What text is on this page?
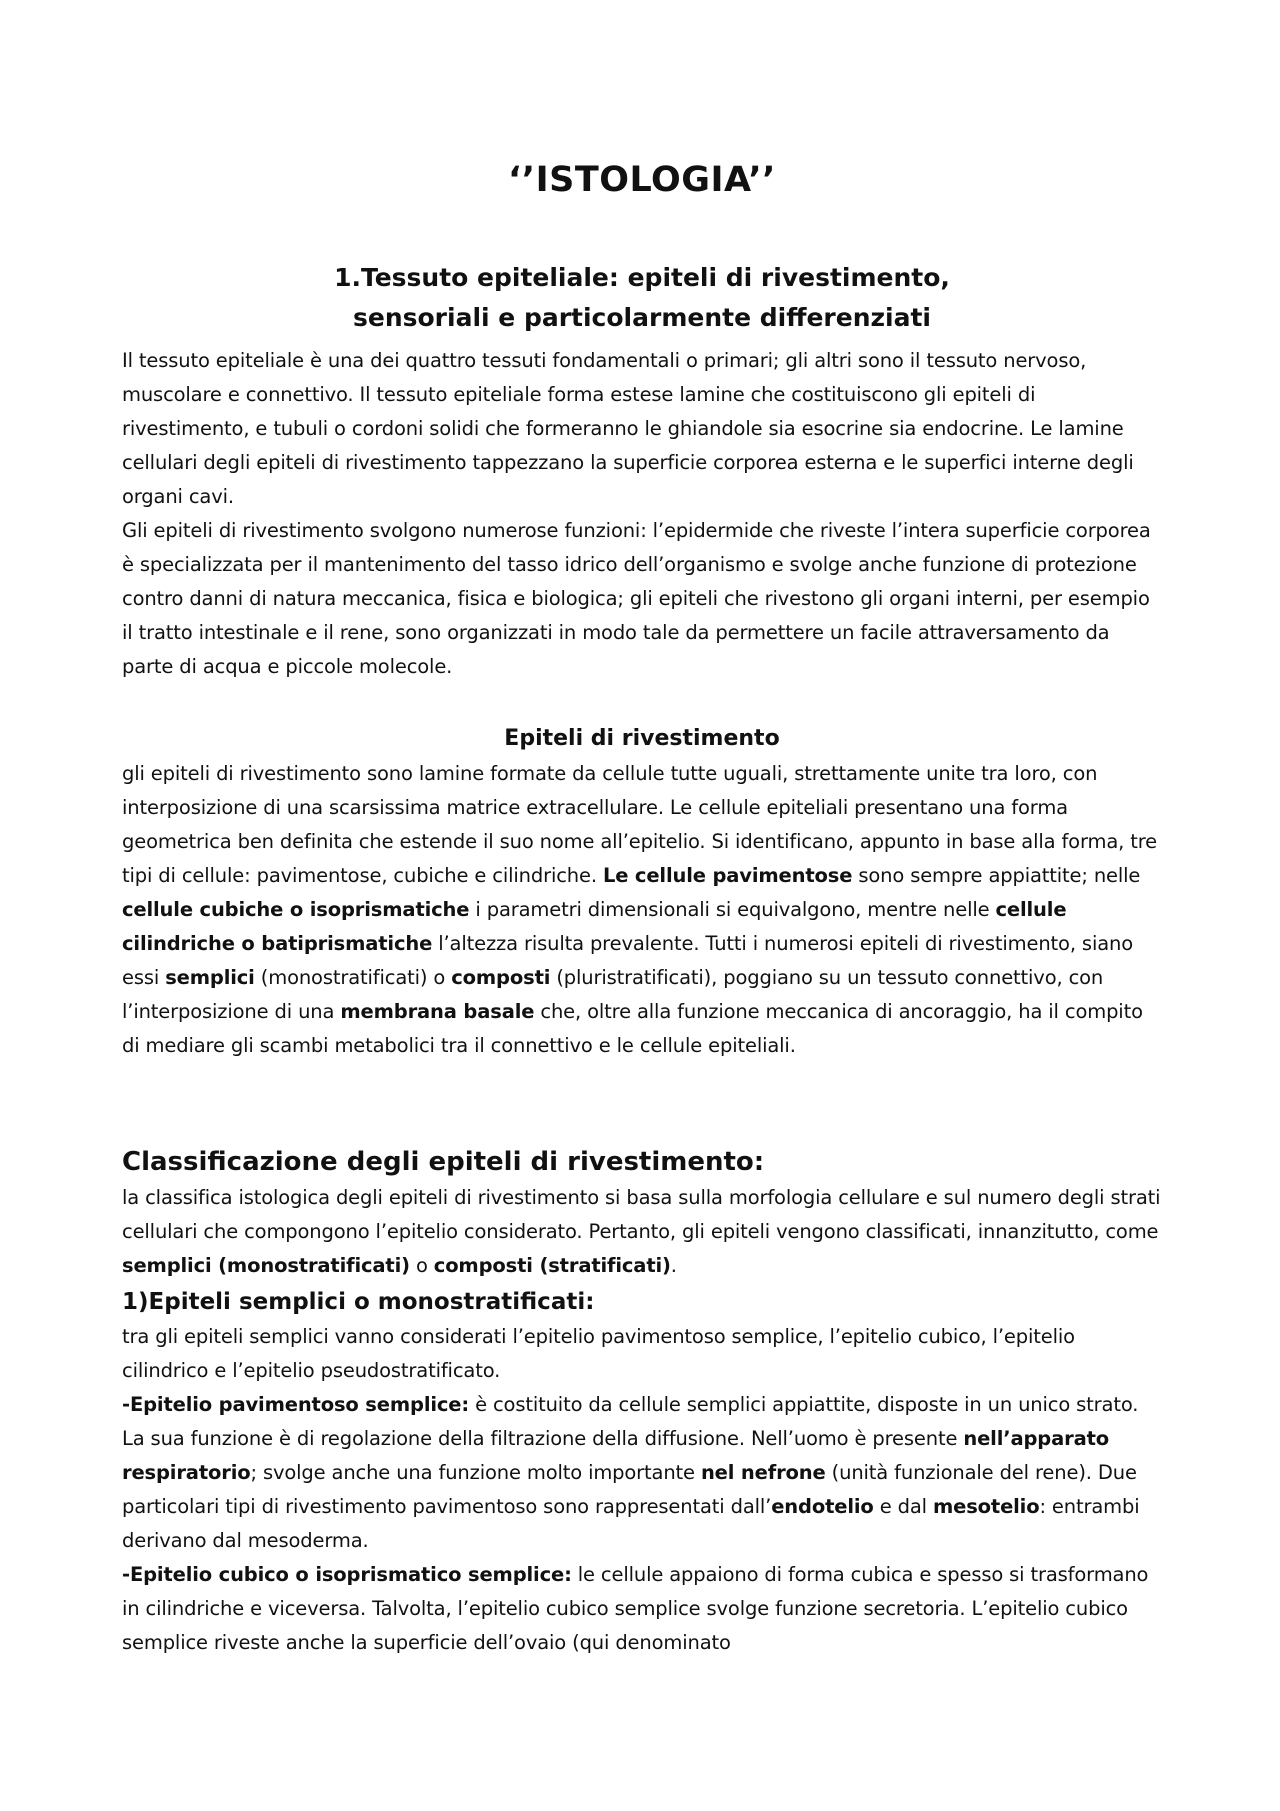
‘’ISTOLOGIA’’
1.Tessuto epiteliale: epiteli di rivestimento,
sensoriali e particolarmente differenziati

Il tessuto epiteliale è una dei quattro tessuti fondamentali o primari; gli altri sono il tessuto nervoso, muscolare e connettivo. Il tessuto epiteliale forma estese lamine che costituiscono gli epiteli di rivestimento, e tubuli o cordoni solidi che formeranno le ghiandole sia esocrine sia endocrine. Le lamine cellulari degli epiteli di rivestimento tappezzano la superficie corporea esterna e le superfici interne degli organi cavi.

Gli epiteli di rivestimento svolgono numerose funzioni: l’epidermide che riveste l’intera superficie corporea è specializzata per il mantenimento del tasso idrico dell’organismo e svolge anche funzione di protezione contro danni di natura meccanica, fisica e biologica; gli epiteli che rivestono gli organi interni, per esempio il tratto intestinale e il rene, sono organizzati in modo tale da permettere un facile attraversamento da parte di acqua e piccole molecole.

Epiteli di rivestimento

gli epiteli di rivestimento sono lamine formate da cellule tutte uguali, strettamente unite tra loro, con interposizione di una scarsissima matrice extracellulare. Le cellule epiteliali presentano una forma geometrica ben definita che estende il suo nome all’epitelio. Si identificano, appunto in base alla forma, tre tipi di cellule: pavimentose, cubiche e cilindriche. Le cellule pavimentose sono sempre appiattite; nelle cellule cubiche o isoprismatiche i parametri dimensionali si equivalgono, mentre nelle cellule cilindriche o batiprismatiche l’altezza risulta prevalente. Tutti i numerosi epiteli di rivestimento, siano essi semplici (monostratificati) o composti (pluristratificati), poggiano su un tessuto connettivo, con l’interposizione di una membrana basale che, oltre alla funzione meccanica di ancoraggio, ha il compito di mediare gli scambi metabolici tra il connettivo e le cellule epiteliali.

Classificazione degli epiteli di rivestimento:

la classifica istologica degli epiteli di rivestimento si basa sulla morfologia cellulare e sul numero degli strati cellulari che compongono l’epitelio considerato. Pertanto, gli epiteli vengono classificati, innanzitutto, come semplici (monostratificati) o composti (stratificati).

1)Epiteli semplici o monostratificati:

tra gli epiteli semplici vanno considerati l’epitelio pavimentoso semplice, l’epitelio cubico, l’epitelio cilindrico e l’epitelio pseudostratificato.

-Epitelio pavimentoso semplice: è costituito da cellule semplici appiattite, disposte in un unico strato. La sua funzione è di regolazione della filtrazione della diffusione. Nell’uomo è presente nell’apparato respiratorio; svolge anche una funzione molto importante nel nefrone (unità funzionale del rene). Due particolari tipi di rivestimento pavimentoso sono rappresentati dall’endotelio e dal mesotelio: entrambi derivano dal mesoderma.

-Epitelio cubico o isoprismatico semplice: le cellule appaiono di forma cubica e spesso si trasformano in cilindriche e viceversa. Talvolta, l’epitelio cubico semplice svolge funzione secretoria. L’epitelio cubico semplice riveste anche la superficie dell’ovaio (qui denominato
